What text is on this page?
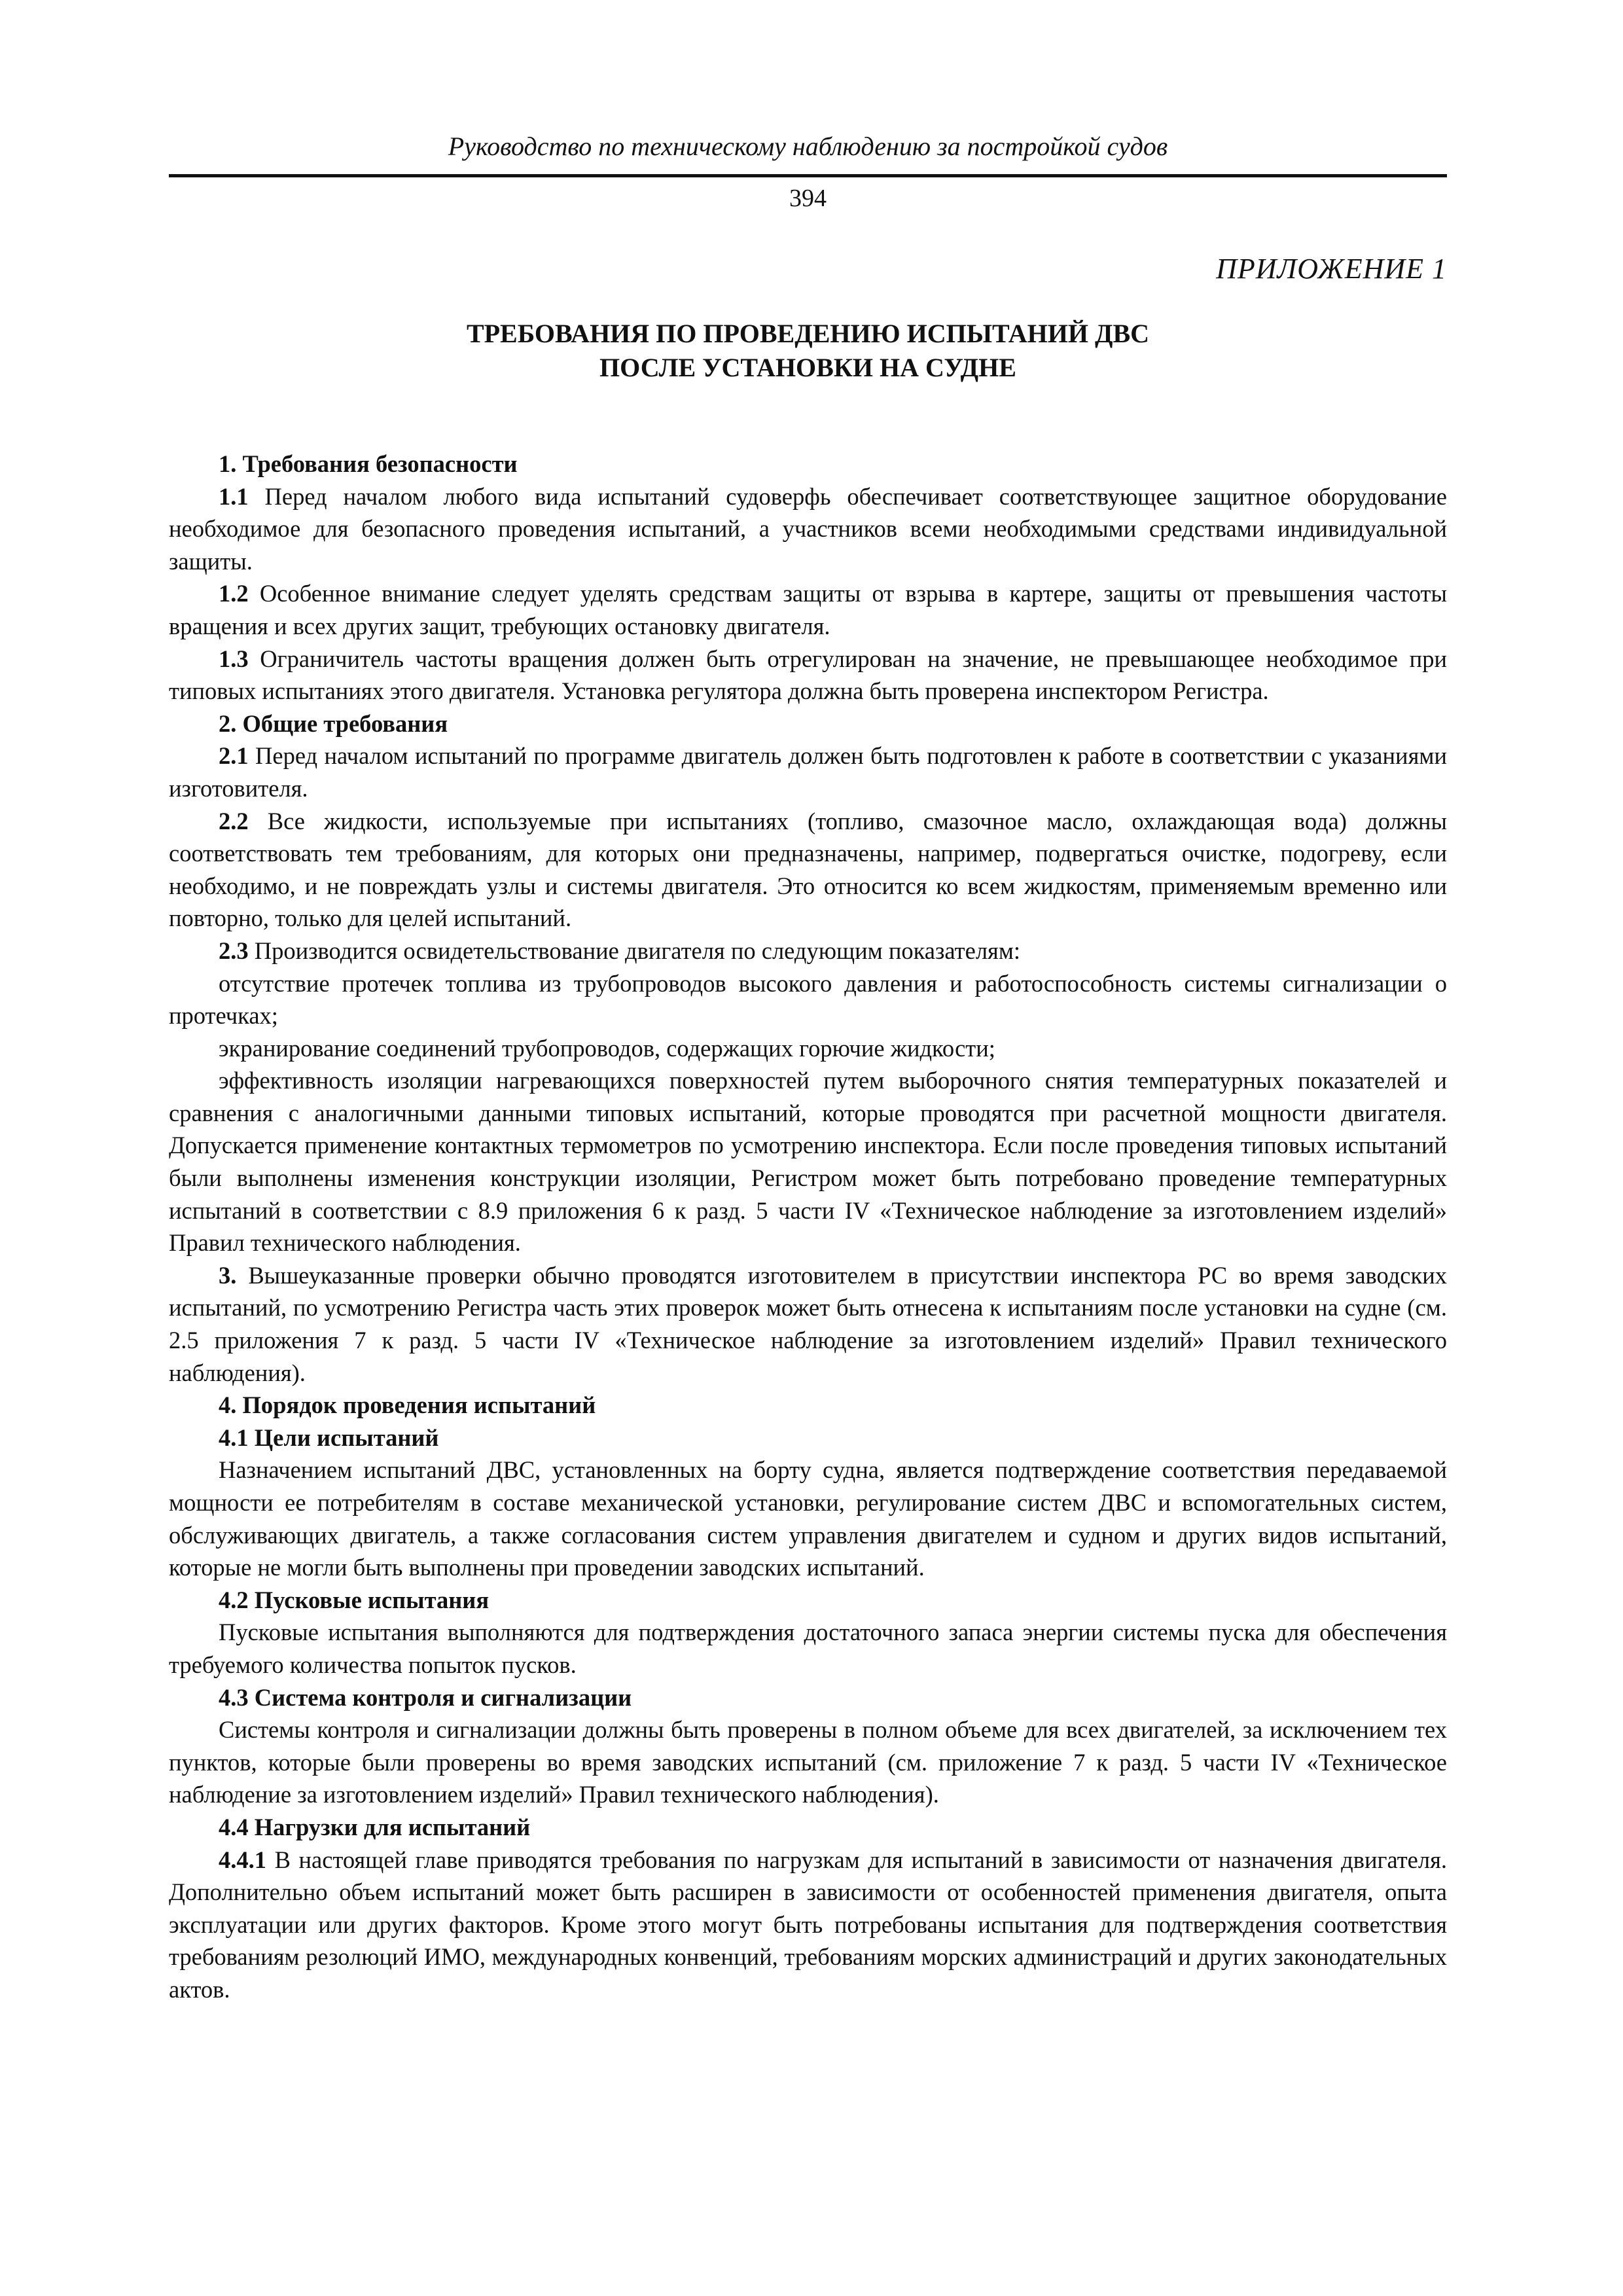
Руководство по техническому наблюдению за постройкой судов
394
ПРИЛОЖЕНИЕ 1
ТРЕБОВАНИЯ ПО ПРОВЕДЕНИЮ ИСПЫТАНИЙ ДВС
ПОСЛЕ УСТАНОВКИ НА СУДНЕ

1. Требования безопасности

1.1 Перед началом любого вида испытаний судоверфь обеспечивает соответствующее защитное оборудование необходимое для безопасного проведения испытаний, а участников всеми необходимыми средствами индивидуальной защиты.

1.2 Особенное внимание следует уделять средствам защиты от взрыва в картере, защиты от превышения частоты вращения и всех других защит, требующих остановку двигателя.

1.3 Ограничитель частоты вращения должен быть отрегулирован на значение, не превышающее необходимое при типовых испытаниях этого двигателя. Установка регулятора должна быть проверена инспектором Регистра.

2. Общие требования

2.1 Перед началом испытаний по программе двигатель должен быть подготовлен к работе в соответствии с указаниями изготовителя.

2.2 Все жидкости, используемые при испытаниях (топливо, смазочное масло, охлаждающая вода) должны соответствовать тем требованиям, для которых они предназначены, например, подвергаться очистке, подогреву, если необходимо, и не повреждать узлы и системы двигателя. Это относится ко всем жидкостям, применяемым временно или повторно, только для целей испытаний.

2.3 Производится освидетельствование двигателя по следующим показателям:

отсутствие протечек топлива из трубопроводов высокого давления и работоспособность системы сигнализации о протечках;

экранирование соединений трубопроводов, содержащих горючие жидкости;

эффективность изоляции нагревающихся поверхностей путем выборочного снятия температурных показателей и сравнения с аналогичными данными типовых испытаний, которые проводятся при расчетной мощности двигателя. Допускается применение контактных термометров по усмотрению инспектора. Если после проведения типовых испытаний были выполнены изменения конструкции изоляции, Регистром может быть потребовано проведение температурных испытаний в соответствии с 8.9 приложения 6 к разд. 5 части IV «Техническое наблюдение за изготовлением изделий» Правил технического наблюдения.

3. Вышеуказанные проверки обычно проводятся изготовителем в присутствии инспектора РС во время заводских испытаний, по усмотрению Регистра часть этих проверок может быть отнесена к испытаниям после установки на судне (см. 2.5 приложения 7 к разд. 5 части IV «Техническое наблюдение за изготовлением изделий» Правил технического наблюдения).

4. Порядок проведения испытаний

4.1 Цели испытаний

Назначением испытаний ДВС, установленных на борту судна, является подтверждение соответствия передаваемой мощности ее потребителям в составе механической установки, регулирование систем ДВС и вспомогательных систем, обслуживающих двигатель, а также согласования систем управления двигателем и судном и других видов испытаний, которые не могли быть выполнены при проведении заводских испытаний.

4.2 Пусковые испытания

Пусковые испытания выполняются для подтверждения достаточного запаса энергии системы пуска для обеспечения требуемого количества попыток пусков.

4.3 Система контроля и сигнализации

Системы контроля и сигнализации должны быть проверены в полном объеме для всех двигателей, за исключением тех пунктов, которые были проверены во время заводских испытаний (см. приложение 7 к разд. 5 части IV «Техническое наблюдение за изготовлением изделий» Правил технического наблюдения).

4.4 Нагрузки для испытаний

4.4.1 В настоящей главе приводятся требования по нагрузкам для испытаний в зависимости от назначения двигателя. Дополнительно объем испытаний может быть расширен в зависимости от особенностей применения двигателя, опыта эксплуатации или других факторов. Кроме этого могут быть потребованы испытания для подтверждения соответствия требованиям резолюций ИМО, международных конвенций, требованиям морских администраций и других законодательных актов.
